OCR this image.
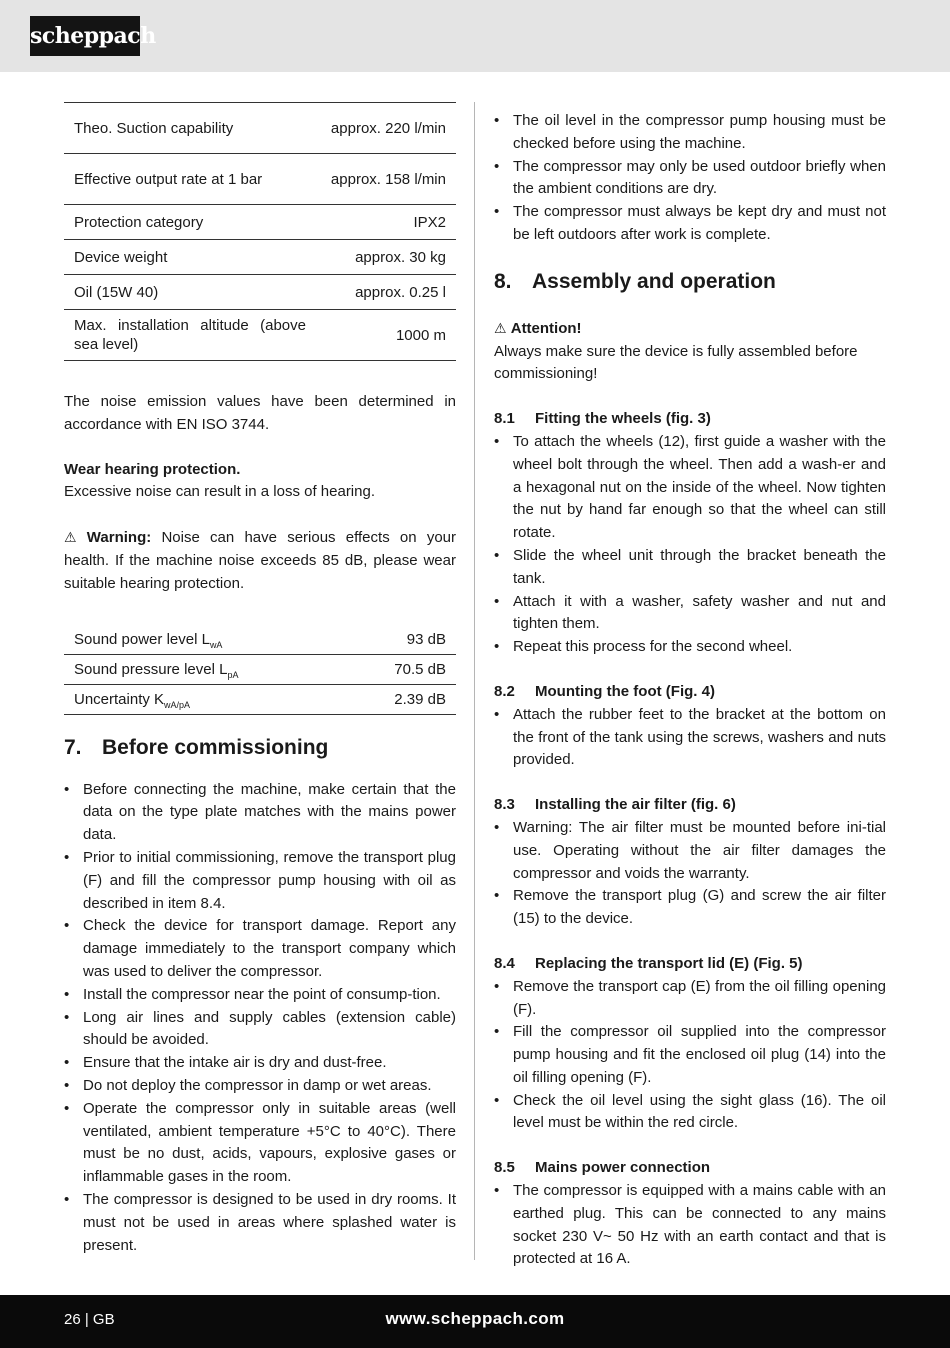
scheppach
Theo. Suction capability	approx. 220 l/min
Effective output rate at 1 bar	approx. 158 l/min
Protection category	IPX2
Device weight	approx. 30 kg
Oil (15W 40)	approx. 0.25 l
Max. installation altitude (above sea level)	1000 m

The noise emission values have been determined in accordance with EN ISO 3744.

Wear hearing protection.

Excessive noise can result in a loss of hearing.

⚠ Warning: Noise can have serious effects on your health. If the machine noise exceeds 85 dB, please wear suitable hearing protection.

Sound power level $L_{wA}$	93 dB
Sound pressure level $L_{pA}$	70.5 dB
Uncertainty $K_{wA/pA}$	2.39 dB
7. Before commissioning
• Before connecting the machine, make certain that the data on the type plate matches with the mains power data.
• Prior to initial commissioning, remove the transport plug (F) and fill the compressor pump housing with oil as described in item 8.4.
• Check the device for transport damage. Report any damage immediately to the transport company which was used to deliver the compressor.
• Install the compressor near the point of consump-tion.
• Long air lines and supply cables (extension cable) should be avoided.
• Ensure that the intake air is dry and dust-free.
• Do not deploy the compressor in damp or wet areas.
• Operate the compressor only in suitable areas (well ventilated, ambient temperature +5°C to 40°C). There must be no dust, acids, vapours, explosive gases or inflammable gases in the room.
• The compressor is designed to be used in dry rooms. It must not be used in areas where splashed water is present.
• The oil level in the compressor pump housing must be checked before using the machine.
• The compressor may only be used outdoor briefly when the ambient conditions are dry.
• The compressor must always be kept dry and must not be left outdoors after work is complete.
8. Assembly and operation

⚠ Attention!

Always make sure the device is fully assembled before commissioning!

8.1 Fitting the wheels (fig. 3)
• To attach the wheels (12), first guide a washer with the wheel bolt through the wheel. Then add a wash-er and a hexagonal nut on the inside of the wheel. Now tighten the nut by hand far enough so that the wheel can still rotate.
• Slide the wheel unit through the bracket beneath the tank.
• Attach it with a washer, safety washer and nut and tighten them.
• Repeat this process for the second wheel.
8.2 Mounting the foot (Fig. 4)
• Attach the rubber feet to the bracket at the bottom on the front of the tank using the screws, washers and nuts provided.
8.3 Installing the air filter (fig. 6)
• Warning: The air filter must be mounted before ini-tial use. Operating without the air filter damages the compressor and voids the warranty.
• Remove the transport plug (G) and screw the air filter (15) to the device.
8.4 Replacing the transport lid (E) (Fig. 5)
• Remove the transport cap (E) from the oil filling opening (F).
• Fill the compressor oil supplied into the compressor pump housing and fit the enclosed oil plug (14) into the oil filling opening (F).
• Check the oil level using the sight glass (16). The oil level must be within the red circle.
8.5 Mains power connection
• The compressor is equipped with a mains cable with an earthed plug. This can be connected to any mains socket 230 V~ 50 Hz with an earth contact and that is protected at 16 A.
26 | GB	www.scheppach.com
